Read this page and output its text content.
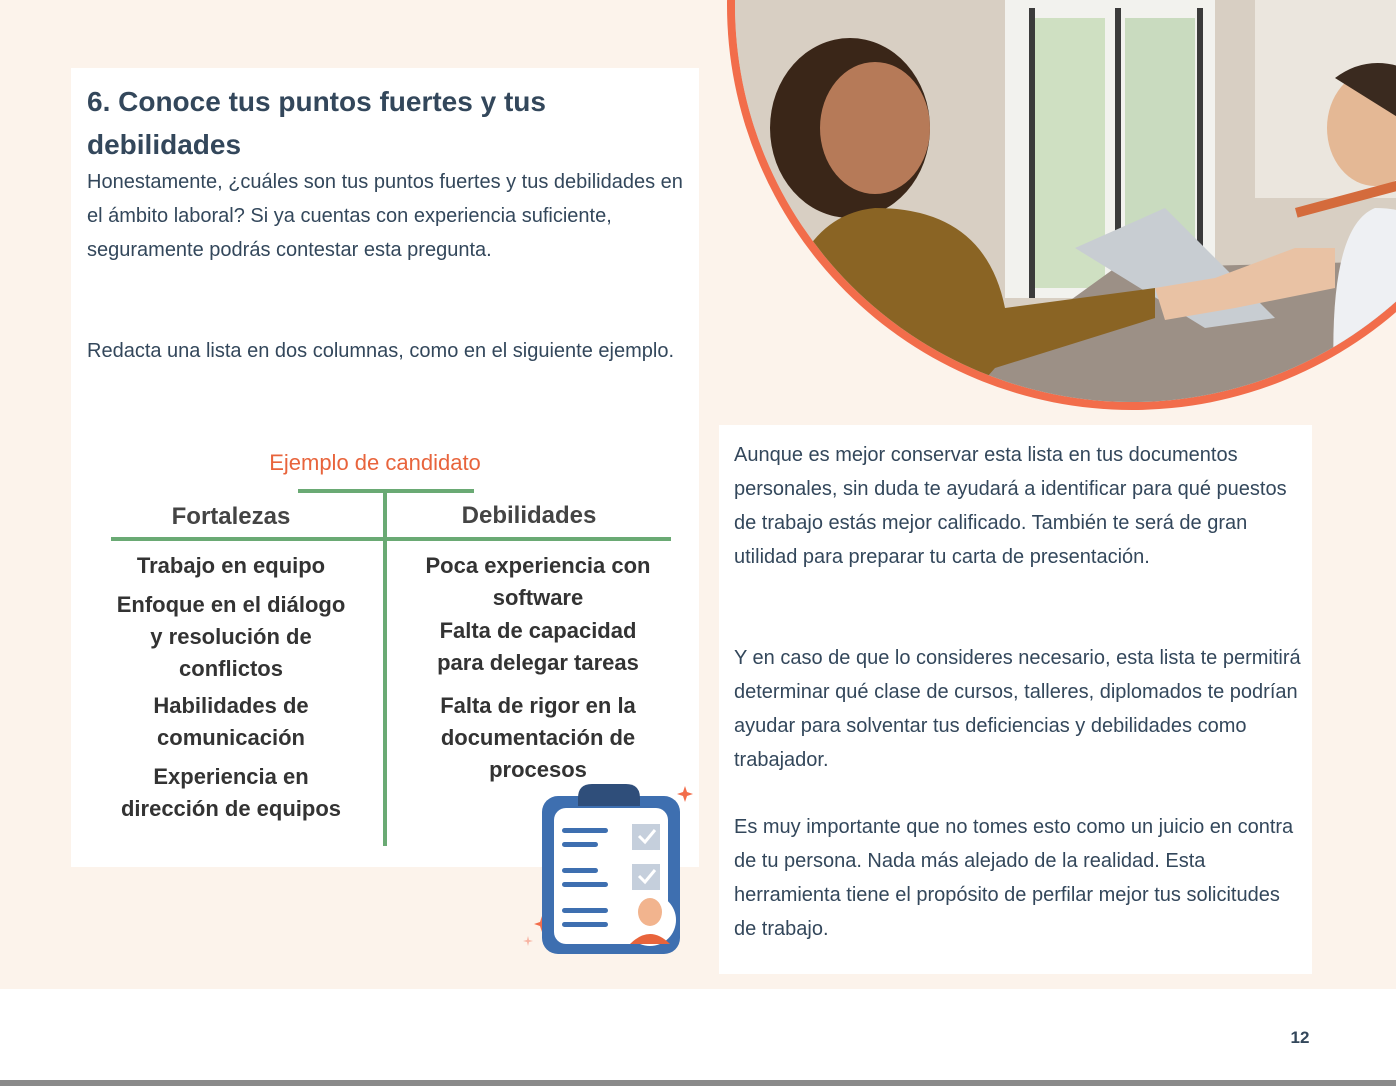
6. Conoce tus puntos fuertes y tus debilidades

Honestamente, ¿cuáles son tus puntos fuertes y tus debilidades en el ámbito laboral? Si ya cuentas con experiencia suficiente, seguramente podrás contestar esta pregunta.

Redacta una lista en dos columnas, como en el siguiente ejemplo.

Ejemplo de candidato
Fortalezas	Debilidades
Trabajo en equipo
Enfoque en el diálogo y resolución de conflictos
Habilidades de comunicación
Experiencia en dirección de equipos
Poca experiencia con software
Falta de capacidad para delegar tareas
Falta de rigor en la documentación de procesos

Aunque es mejor conservar esta lista en tus documentos personales, sin duda te ayudará a identificar para qué puestos de trabajo estás mejor calificado. También te será de gran utilidad para preparar tu carta de presentación.

Y en caso de que lo consideres necesario, esta lista te permitirá determinar qué clase de cursos, talleres, diplomados te podrían ayudar para solventar tus deficiencias y debilidades como trabajador.

Es muy importante que no tomes esto como un juicio en contra de tu persona. Nada más alejado de la realidad. Esta herramienta tiene el propósito de perfilar mejor tus solicitudes de trabajo.

12
